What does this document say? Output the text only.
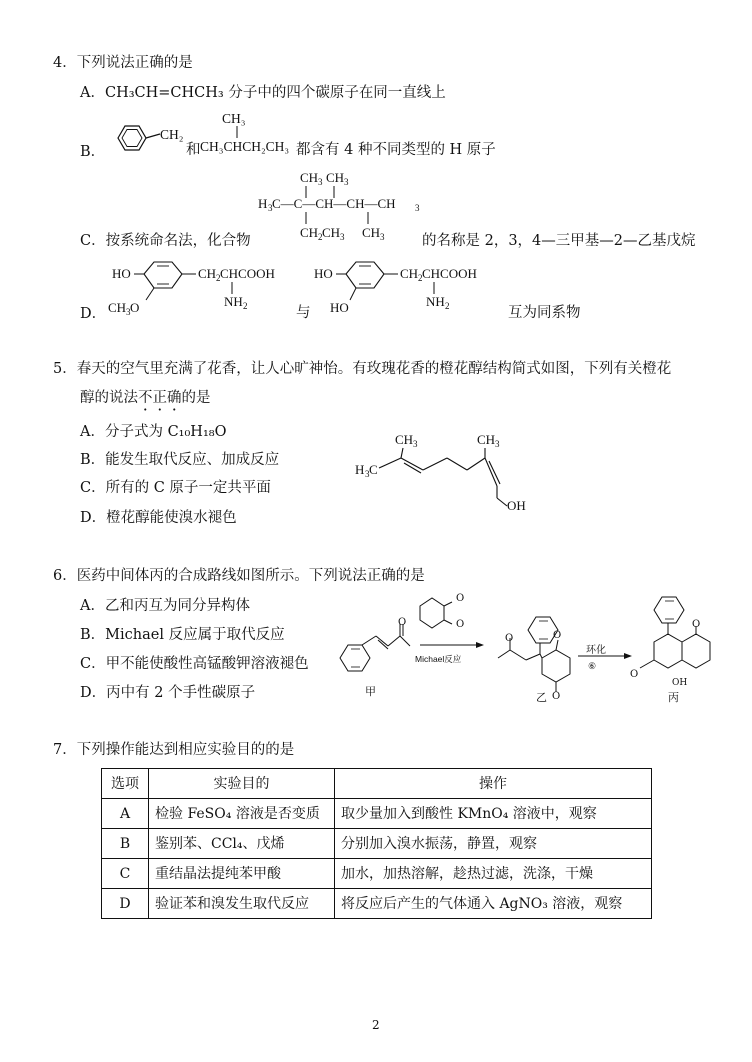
4．下列说法正确的是
A．CH₃CH=CHCH₃ 分子中的四个碳原子在同一直线上
B．
CH₂
和
CH₃
CH₃CHCH₂CH₃ 都含有 4 种不同类型的 H 原子
CH 3 CH 3
H 3 C—C—CH—CH—CH 3
CH 2 CH 3 CH 3
C．按系统命名法，化合物	的名称是 2，3，4—三甲基—2—乙基戊烷
HO	CH 2 CHCOOH
NH 2
CH 3 O
D．	与
HO	CH 2 CHCOOH
NH 2
HO	互为同系物
5．春天的空气里充满了花香，让人心旷神怡。有玫瑰花香的橙花醇结构简式如图，下列有关橙花
醇的说法不正确的是
A．分子式为 C₁₀H₁₈O
B．能发生取代反应、加成反应
C．所有的 C 原子一定共平面
D．橙花醇能使溴水褪色
CH 3	CH 3
H 3 C
OH
6．医药中间体丙的合成路线如图所示。下列说法正确的是
A．乙和丙互为同分异构体
B．Michael 反应属于取代反应
C．甲不能使酸性高锰酸钾溶液褪色
D．丙中有 2 个手性碳原子
O
O
O
Michael反应
O	O
O
环化
⑥
O
O
OH
甲	乙	丙
7．下列操作能达到相应实验目的的是
选项	实验目的	操作
A	检验 FeSO₄ 溶液是否变质	取少量加入到酸性 KMnO₄ 溶液中，观察
B	鉴别苯、CCl₄、戊烯	分别加入溴水振荡，静置，观察
C	重结晶法提纯苯甲酸	加水，加热溶解，趁热过滤，洗涤，干燥
D	验证苯和溴发生取代反应	将反应后产生的气体通入 AgNO₃ 溶液，观察
2
